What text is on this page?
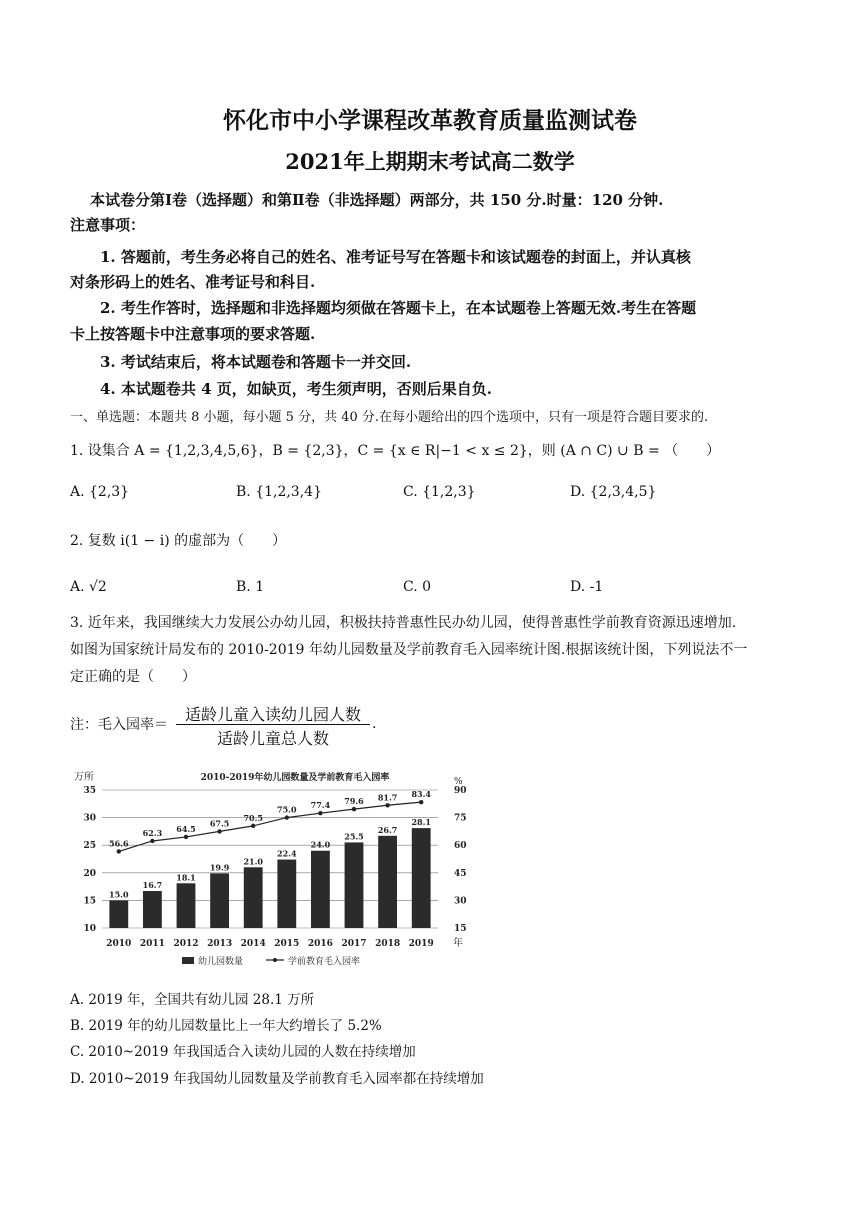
怀化市中小学课程改革教育质量监测试卷
2021年上期期末考试高二数学
本试卷分第Ⅰ卷（选择题）和第Ⅱ卷（非选择题）两部分，共 150 分.时量：120 分钟.
注意事项：
1. 答题前，考生务必将自己的姓名、准考证号写在答题卡和该试题卷的封面上，并认真核
对条形码上的姓名、准考证号和科目.
2. 考生作答时，选择题和非选择题均须做在答题卡上，在本试题卷上答题无效.考生在答题
卡上按答题卡中注意事项的要求答题.
3. 考试结束后，将本试题卷和答题卡一并交回.
4. 本试题卷共 4 页，如缺页，考生须声明，否则后果自负.
一、单选题：本题共 8 小题，每小题 5 分，共 40 分.在每小题给出的四个选项中，只有一项是符合题目要求的.
1. 设集合 A = {1,2,3,4,5,6}，B = {2,3}，C = {x ∈ R|−1 < x ≤ 2}，则 (A ∩ C) ∪ B = （　　）
A. {2,3}	B. {1,2,3,4}	C. {1,2,3}	D. {2,3,4,5}
2. 复数 i(1 − i) 的虚部为（　　）
A. √2	B. 1	C. 0	D. -1
3. 近年来，我国继续大力发展公办幼儿园，积极扶持普惠性民办幼儿园，使得普惠性学前教育资源迅速增加.
如图为国家统计局发布的 2010-2019 年幼儿园数量及学前教育毛入园率统计图.根据该统计图，下列说法不一
定正确的是（　　）
注：毛入园率＝
适龄儿童入读幼儿园人数
适龄儿童总人数
.
10
15
20
25
30
35
15
30
45
60
75
90
15.0
16.7
18.1
19.9
21.0
22.4
24.0
25.5
26.7
28.1
2010 2011 2012 2013 2014 2015 2016 2017 2018 2019
56.6
62.3 64.5
67.5
70.5
75.0 77.4 79.6 81.7 83.4
2010-2019年幼儿园数量及学前教育毛入园率
万所	%
年
幼儿园数量	学前教育毛入园率
A. 2019 年，全国共有幼儿园 28.1 万所
B. 2019 年的幼儿园数量比上一年大约增长了 5.2%
C. 2010~2019 年我国适合入读幼儿园的人数在持续增加
D. 2010~2019 年我国幼儿园数量及学前教育毛入园率都在持续增加
